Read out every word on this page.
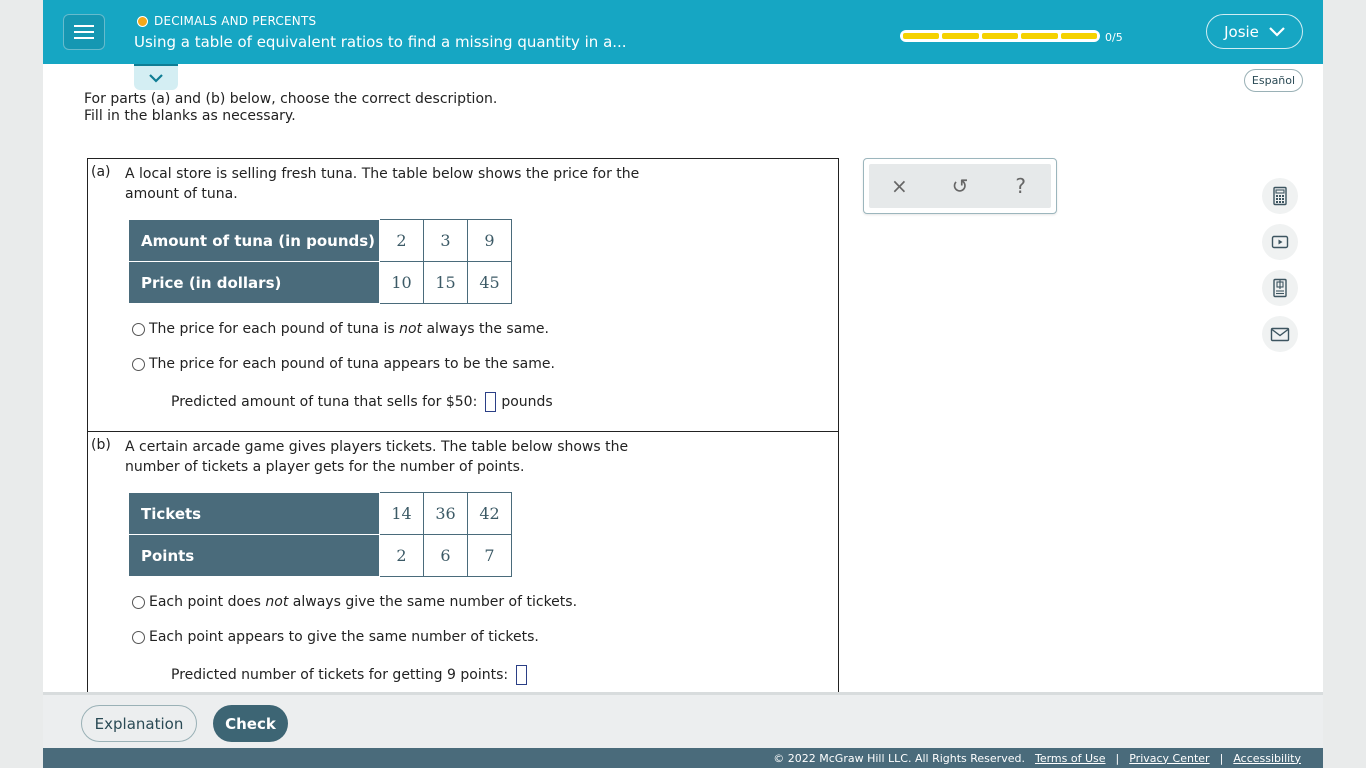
DECIMALS AND PERCENTS
Using a table of equivalent ratios to find a missing quantity in a...	0/5	Josie
Español
For parts (a) and (b) below, choose the correct description.
Fill in the blanks as necessary.
(a) A local store is selling fresh tuna. The table below shows the price for the amount of tuna.
Amount of tuna (in pounds)	2	3	9
Price (in dollars)	10	15	45
The price for each pound of tuna is not always the same.
The price for each pound of tuna appears to be the same.
Predicted amount of tuna that sells for $50: pounds
(b) A certain arcade game gives players tickets. The table below shows the number of tickets a player gets for the number of points.
Tickets	14	36	42
Points	2	6	7
Each point does not always give the same number of tickets.
Each point appears to give the same number of tickets.
Predicted number of tickets for getting 9 points:
×	↺	?
Explanation	Check
© 2022 McGraw Hill LLC. All Rights Reserved. Terms of Use | Privacy Center | Accessibility
